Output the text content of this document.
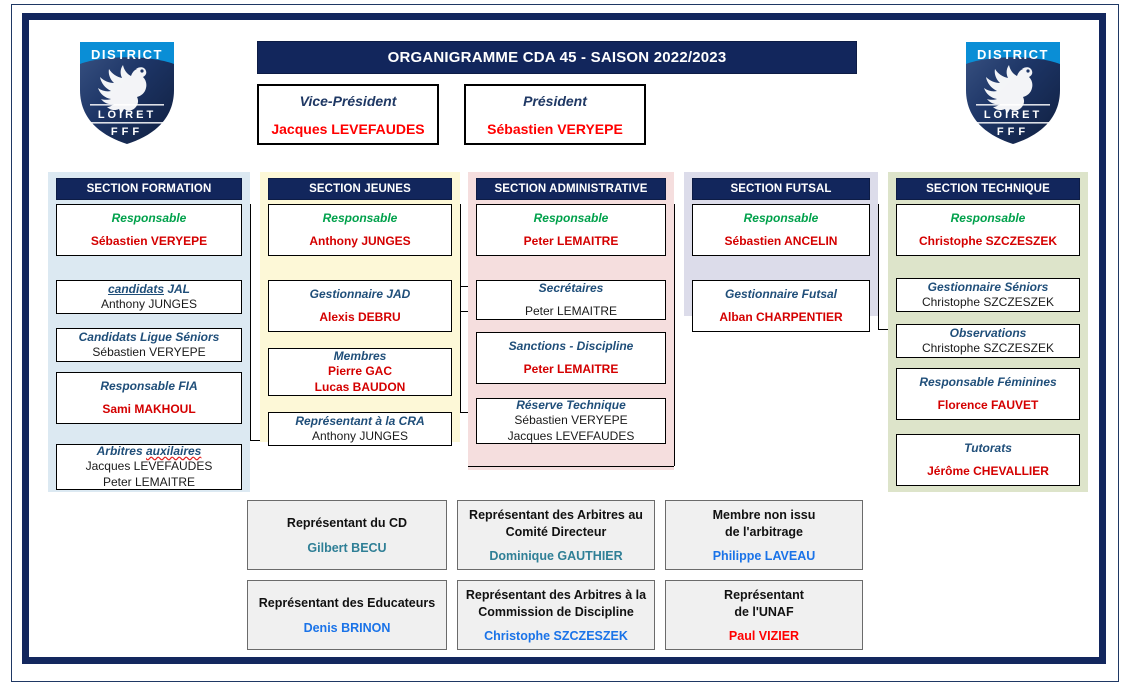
DISTRICT
LOIRET
FFF
DISTRICT
LOIRET
FFF
ORGANIGRAMME CDA 45 - SAISON 2022/2023
Vice-Président
Jacques LEVEFAUDES
Président
Sébastien VERYEPE
SECTION FORMATION
Responsable
Sébastien VERYEPE
candidats JAL
Anthony JUNGES
Candidats Ligue Séniors
Sébastien VERYEPE
Responsable FIA
Sami MAKHOUL
Arbitres auxilaires
Jacques LEVEFAUDES
Peter LEMAITRE
SECTION JEUNES
Responsable
Anthony JUNGES
Gestionnaire JAD
Alexis DEBRU
Membres
Pierre GAC
Lucas BAUDON
Représentant à la CRA
Anthony JUNGES
SECTION ADMINISTRATIVE
Responsable
Peter LEMAITRE
Secrétaires
Peter LEMAITRE
Sanctions - Discipline
Peter LEMAITRE
Réserve Technique
Sébastien VERYEPE
Jacques LEVEFAUDES
SECTION FUTSAL
Responsable
Sébastien ANCELIN
Gestionnaire Futsal
Alban CHARPENTIER
SECTION TECHNIQUE
Responsable
Christophe SZCZESZEK
Gestionnaire Séniors
Christophe SZCZESZEK
Observations
Christophe SZCZESZEK
Responsable Féminines
Florence FAUVET
Tutorats
Jérôme CHEVALLIER
Représentant du CD
Gilbert BECU
Représentant des Arbitres au
Comité Directeur
Dominique GAUTHIER
Membre non issu
de l'arbitrage
Philippe LAVEAU
Représentant des Educateurs
Denis BRINON
Représentant des Arbitres à la
Commission de Discipline
Christophe SZCZESZEK
Représentant
de l'UNAF
Paul VIZIER
